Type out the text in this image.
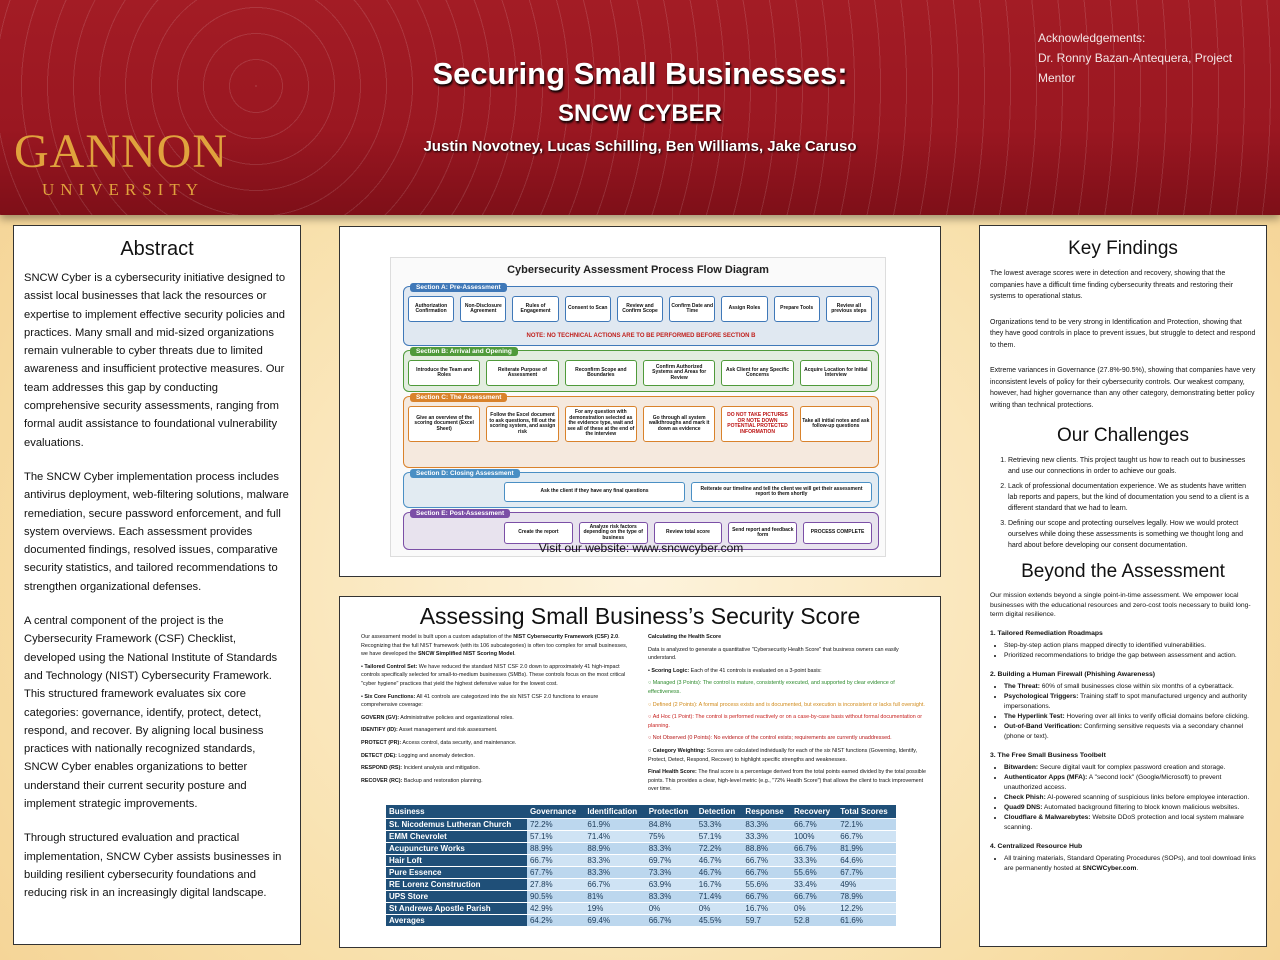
GANNON
UNIVERSITY
Securing Small Businesses:
SNCW CYBER
Justin Novotney, Lucas Schilling, Ben Williams, Jake Caruso
Acknowledgements:
Dr. Ronny Bazan-Antequera, Project Mentor
Abstract

SNCW Cyber is a cybersecurity initiative designed to assist local businesses that lack the resources or expertise to implement effective security policies and practices. Many small and mid-sized organizations remain vulnerable to cyber threats due to limited awareness and insufficient protective measures. Our team addresses this gap by conducting comprehensive security assessments, ranging from formal audit assistance to foundational vulnerability evaluations.

The SNCW Cyber implementation process includes antivirus deployment, web-filtering solutions, malware remediation, secure password enforcement, and full system overviews. Each assessment provides documented findings, resolved issues, comparative security statistics, and tailored recommendations to strengthen organizational defenses.

A central component of the project is the Cybersecurity Framework (CSF) Checklist, developed using the National Institute of Standards and Technology (NIST) Cybersecurity Framework. This structured framework evaluates six core categories: governance, identify, protect, detect, respond, and recover. By aligning local business practices with nationally recognized standards, SNCW Cyber enables organizations to better understand their current security posture and implement strategic improvements.

Through structured evaluation and practical implementation, SNCW Cyber assists businesses in building resilient cybersecurity foundations and reducing risk in an increasingly digital landscape.

Cybersecurity Assessment Process Flow Diagram
Section A: Pre-Assessment
Authorization Confirmation
Non-Disclosure Agreement
Rules of Engagement	Consent to Scan	Review and Confirm Scope
Confirm Date and Time	Assign Roles	Prepare Tools	Review all previous steps
NOTE: NO TECHNICAL ACTIONS ARE TO BE PERFORMED BEFORE SECTION B
Section B: Arrival and Opening
Introduce the Team and Roles
Reiterate Purpose of Assessment
Reconfirm Scope and Boundaries
Confirm Authorized Systems and Areas for Review
Ask Client for any Specific Concerns
Acquire Location for Initial Interview
Section C: The Assessment
Give an overview of the scoring document (Excel Sheet)
Follow the Excel document to ask questions, fill out the scoring system, and assign risk
For any question with demonstration selected as the evidence type, wait and see all of these at the end of the interview
Go through all system walkthroughs and mark it down as evidence
DO NOT TAKE PICTURES OR NOTE DOWN POTENTIAL PROTECTED INFORMATION
Take all initial notes and ask follow-up questions
Section D: Closing Assessment
Ask the client if they have any final questions	Reiterate our timeline and tell the client we will get their assessment report to them shortly
Section E: Post-Assessment
Create the report
Analyze risk factors depending on the type of business
Review total score	Send report and feedback form	PROCESS COMPLETE
Visit our website: www.sncwcyber.com
Assessing Small Business’s Security Score

Our assessment model is built upon a custom adaptation of the NIST Cybersecurity Framework (CSF) 2.0. Recognizing that the full NIST framework (with its 106 subcategories) is often too complex for small businesses, we have developed the SNCW Simplified NIST Scoring Model.

• Tailored Control Set: We have reduced the standard NIST CSF 2.0 down to approximately 41 high-impact controls specifically selected for small-to-medium businesses (SMBs). These controls focus on the most critical "cyber hygiene" practices that yield the highest defensive value for the lowest cost.

• Six Core Functions: All 41 controls are categorized into the six NIST CSF 2.0 functions to ensure comprehensive coverage:

GOVERN (GV): Administrative policies and organizational roles.

IDENTIFY (ID): Asset management and risk assessment.

PROTECT (PR): Access control, data security, and maintenance.

DETECT (DE): Logging and anomaly detection.

RESPOND (RS): Incident analysis and mitigation.

RECOVER (RC): Backup and restoration planning.

Calculating the Health Score

Data is analyzed to generate a quantitative "Cybersecurity Health Score" that business owners can easily understand.

• Scoring Logic: Each of the 41 controls is evaluated on a 3-point basis:

○ Managed (3 Points): The control is mature, consistently executed, and supported by clear evidence of effectiveness.

○ Defined (2 Points): A formal process exists and is documented, but execution is inconsistent or lacks full oversight.

○ Ad Hoc (1 Point): The control is performed reactively or on a case-by-case basis without formal documentation or planning.

○ Not Observed (0 Points): No evidence of the control exists; requirements are currently unaddressed.

○ Category Weighting: Scores are calculated individually for each of the six NIST functions (Governing, Identify, Protect, Detect, Respond, Recover) to highlight specific strengths and weaknesses.

Final Health Score: The final score is a percentage derived from the total points earned divided by the total possible points. This provides a clear, high-level metric (e.g., "72% Health Score") that allows the client to track improvement over time.

Business	Governance	Identification	Protection	Detection	Response	Recovery	Total Scores
St. Nicodemus Lutheran Church	72.2%	61.9%	84.8%	53.3%	83.3%	66.7%	72.1%
EMM Chevrolet	57.1%	71.4%	75%	57.1%	33.3%	100%	66.7%
Acupuncture Works	88.9%	88.9%	83.3%	72.2%	88.8%	66.7%	81.9%
Hair Loft	66.7%	83.3%	69.7%	46.7%	66.7%	33.3%	64.6%
Pure Essence	67.7%	83.3%	73.3%	46.7%	66.7%	55.6%	67.7%
RE Lorenz Construction	27.8%	66.7%	63.9%	16.7%	55.6%	33.4%	49%
UPS Store	90.5%	81%	83.3%	71.4%	66.7%	66.7%	78.9%
St Andrews Apostle Parish	42.9%	19%	0%	0%	16.7%	0%	12.2%
Averages	64.2%	69.4%	66.7%	45.5%	59.7	52.8	61.6%
Key Findings

The lowest average scores were in detection and recovery, showing that the companies have a difficult time finding cybersecurity threats and restoring their systems to operational status.

Organizations tend to be very strong in Identification and Protection, showing that they have good controls in place to prevent issues, but struggle to detect and respond to them.

Extreme variances in Governance (27.8%-90.5%), showing that companies have very inconsistent levels of policy for their cybersecurity controls. Our weakest company, however, had higher governance than any other category, demonstrating better policy writing than technical protections.

Our Challenges
1. Retrieving new clients. This project taught us how to reach out to businesses and use our connections in order to achieve our goals.
2. Lack of professional documentation experience. We as students have written lab reports and papers, but the kind of documentation you send to a client is a different standard that we had to learn.
3. Defining our scope and protecting ourselves legally. How we would protect ourselves while doing these assessments is something we thought long and hard about before developing our consent documentation.
Beyond the Assessment
Our mission extends beyond a single point-in-time assessment. We empower local businesses with the educational resources and zero-cost tools necessary to build long-term digital resilience.
1. Tailored Remediation Roadmaps
• Step-by-step action plans mapped directly to identified vulnerabilities.
• Prioritized recommendations to bridge the gap between assessment and action.
2. Building a Human Firewall (Phishing Awareness)
• The Threat: 60% of small businesses close within six months of a cyberattack.
• Psychological Triggers: Training staff to spot manufactured urgency and authority impersonations.
• The Hyperlink Test: Hovering over all links to verify official domains before clicking.
• Out-of-Band Verification: Confirming sensitive requests via a secondary channel (phone or text).
3. The Free Small Business Toolbelt
• Bitwarden: Secure digital vault for complex password creation and storage.
• Authenticator Apps (MFA): A "second lock" (Google/Microsoft) to prevent unauthorized access.
• Check Phish: AI-powered scanning of suspicious links before employee interaction.
• Quad9 DNS: Automated background filtering to block known malicious websites.
• Cloudflare & Malwarebytes: Website DDoS protection and local system malware scanning.
4. Centralized Resource Hub
• All training materials, Standard Operating Procedures (SOPs), and tool download links are permanently hosted at SNCWCyber.com.
